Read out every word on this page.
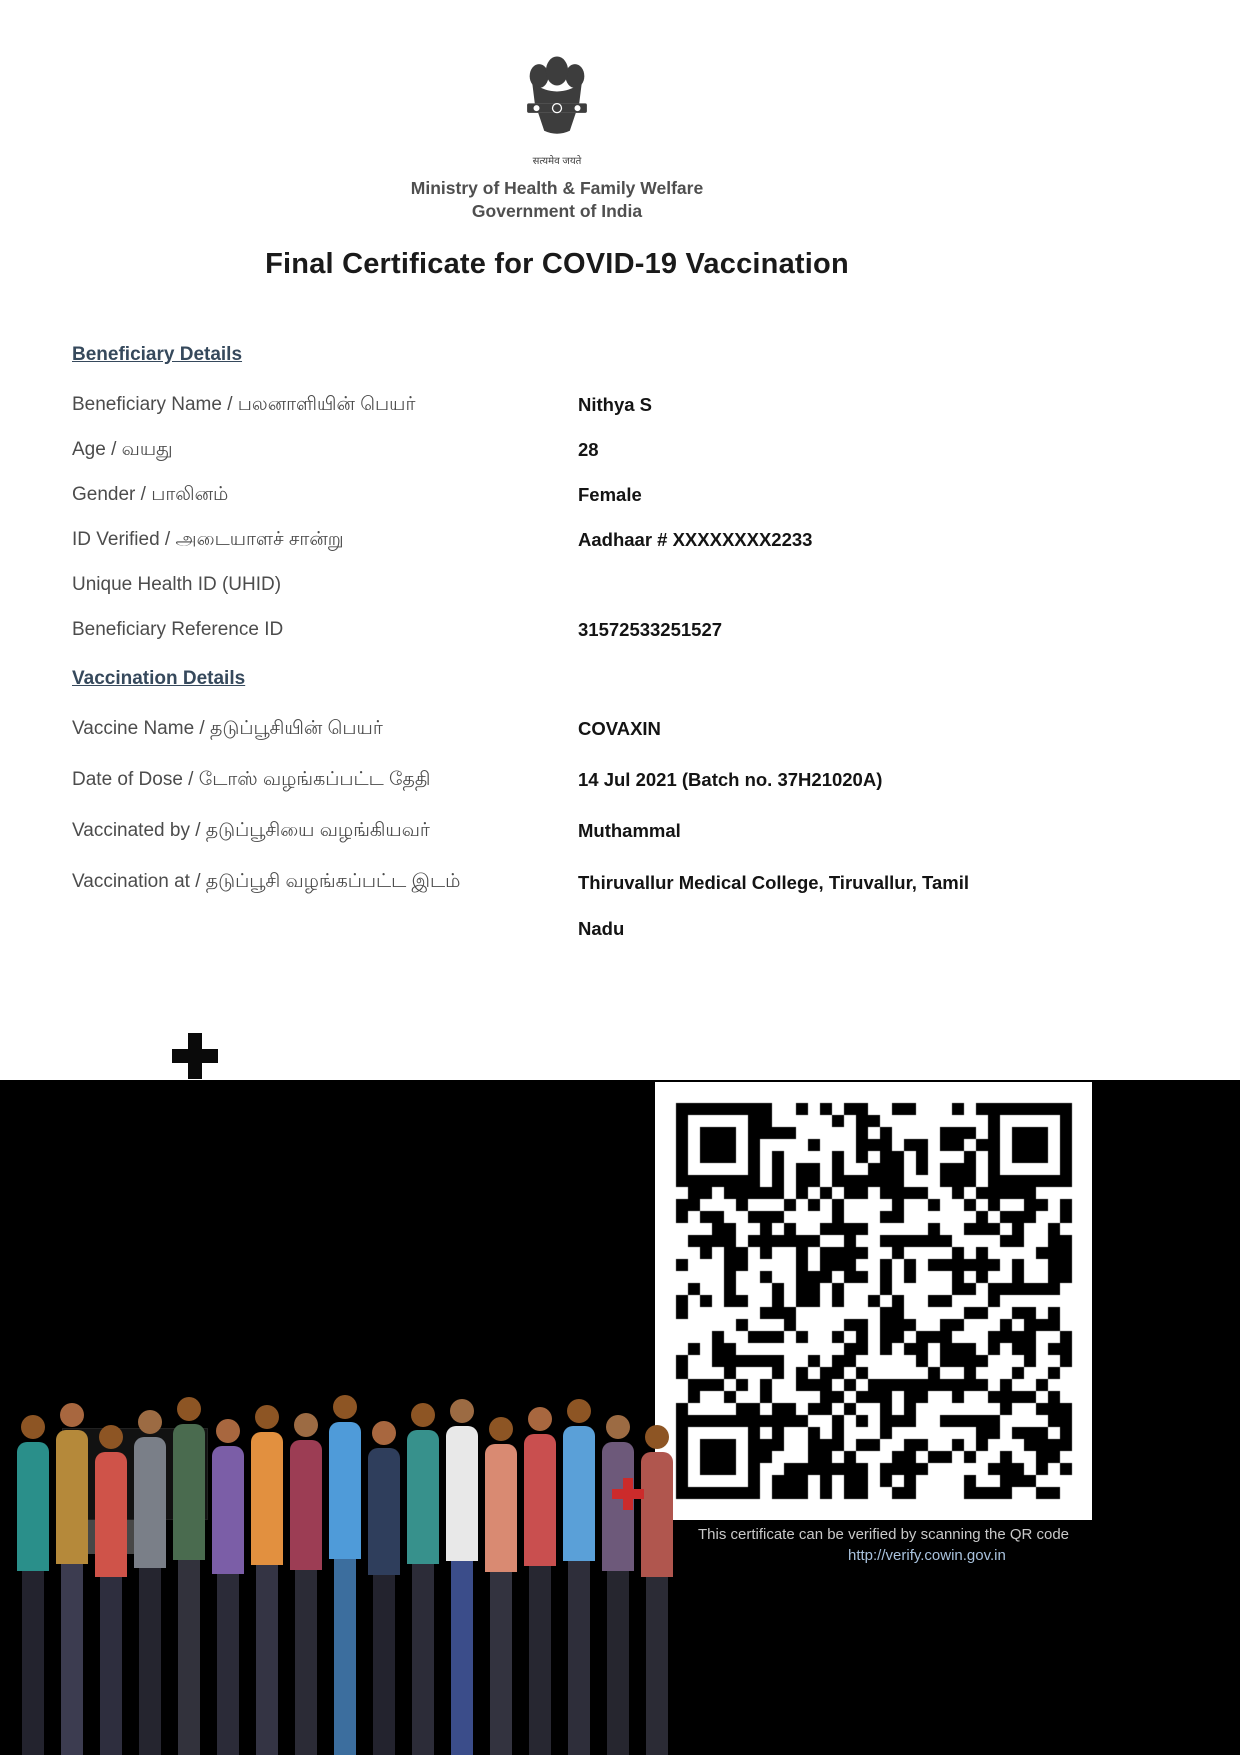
सत्यमेव जयते
Ministry of Health & Family Welfare
Government of India
Final Certificate for COVID-19 Vaccination
Beneficiary Details
Beneficiary Name / பலனாளியின் பெயர்	Nithya S
Age / வயது	28
Gender / பாலினம்	Female
ID Verified / அடையாளச் சான்று	Aadhaar # XXXXXXXX2233
Unique Health ID (UHID)
Beneficiary Reference ID	31572533251527
Vaccination Details
Vaccine Name / தடுப்பூசியின் பெயர்	COVAXIN
Date of Dose / டோஸ் வழங்கப்பட்ட தேதி	14 Jul 2021 (Batch no. 37H21020A)
Vaccinated by / தடுப்பூசியை வழங்கியவர்	Muthammal
Vaccination at / தடுப்பூசி வழங்கப்பட்ட இடம்	Thiruvallur Medical College, Tiruvallur, Tamil Nadu
This certificate can be verified by scanning the QR code
http://verify.cowin.gov.in
